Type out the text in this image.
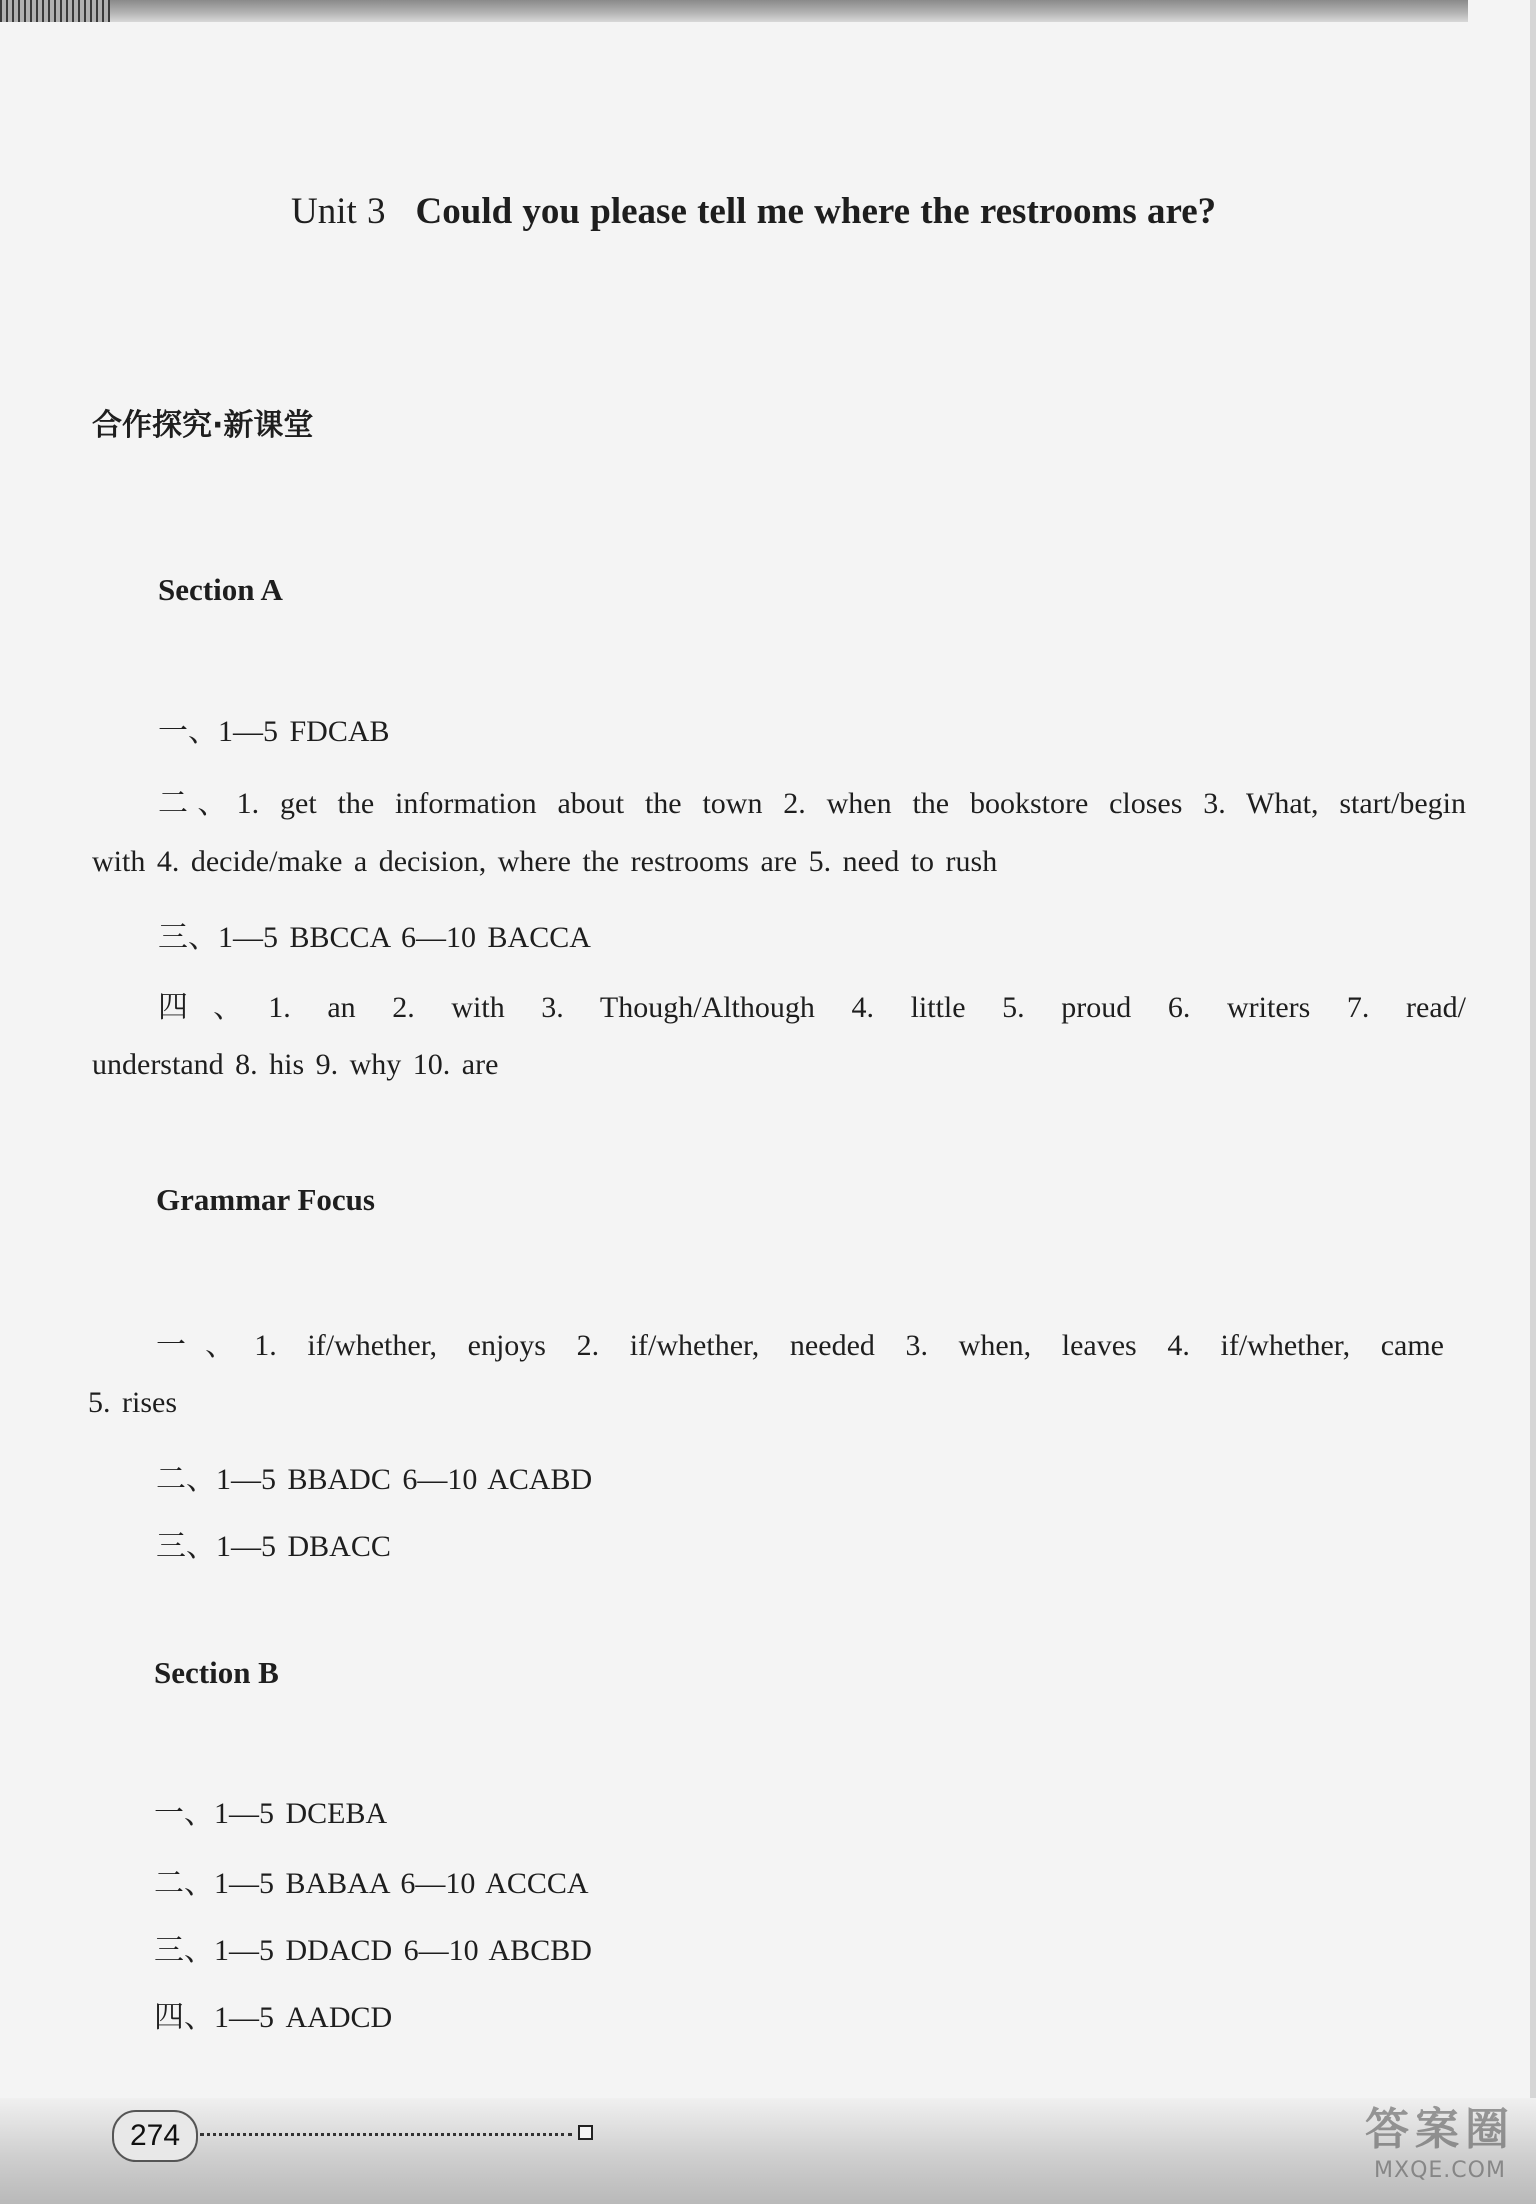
Unit 3 Could you please tell me where the restrooms are?
合作探究·新课堂
Section A
一、1—5 FDCAB
二、1. get the information about the town 2. when the bookstore closes 3. What, start/begin
with 4. decide/make a decision, where the restrooms are 5. need to rush
三、1—5 BBCCA 6—10 BACCA
四、1. an 2. with 3. Though/Although 4. little 5. proud 6. writers 7. read/
understand 8. his 9. why 10. are
Grammar Focus
一、1. if/whether, enjoys 2. if/whether, needed 3. when, leaves 4. if/whether, came
5. rises
二、1—5 BBADC 6—10 ACABD
三、1—5 DBACC
Section B
一、1—5 DCEBA
二、1—5 BABAA 6—10 ACCCA
三、1—5 DDACD 6—10 ABCBD
四、1—5 AADCD
274	答案圈
MXQE.COM
